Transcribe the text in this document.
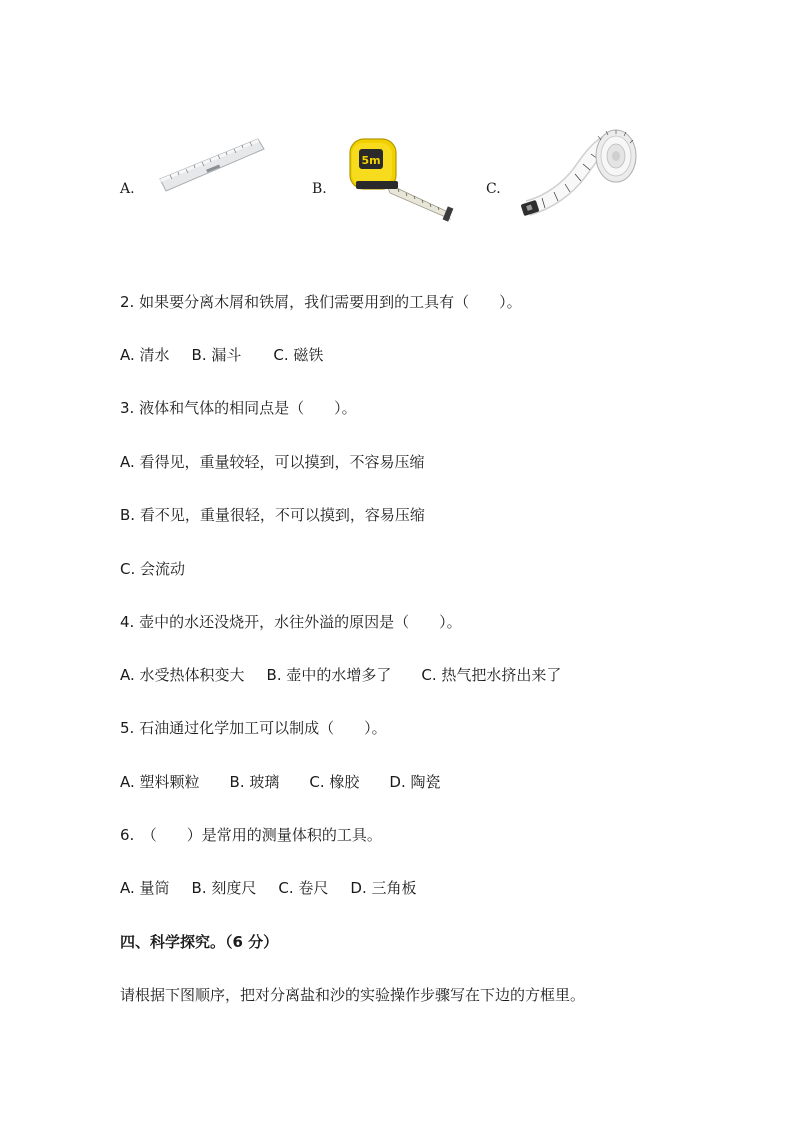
A.	B.
5m
C.
2. 如果要分离木屑和铁屑，我们需要用到的工具有（　　）。
A. 清水 B. 漏斗 C. 磁铁
3. 液体和气体的相同点是（　　）。
A. 看得见，重量较轻，可以摸到，不容易压缩
B. 看不见，重量很轻，不可以摸到，容易压缩
C. 会流动
4. 壶中的水还没烧开，水往外溢的原因是（　　）。
A. 水受热体积变大 B. 壶中的水增多了 C. 热气把水挤出来了
5. 石油通过化学加工可以制成（　　）。
A. 塑料颗粒 B. 玻璃 C. 橡胶 D. 陶瓷
6.　（　　）是常用的测量体积的工具。
A. 量筒 B. 刻度尺 C. 卷尺 D. 三角板
四、科学探究。（6 分）
请根据下图顺序，把对分离盐和沙的实验操作步骤写在下边的方框里。
